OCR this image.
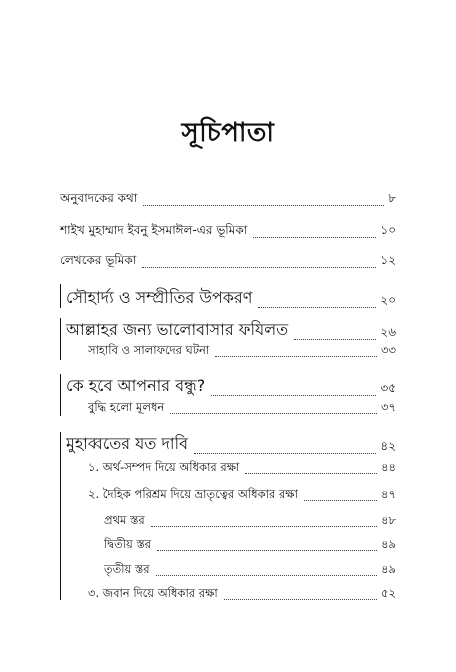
সূচিপাতা
অনুবাদকের কথা	৮
শাইখ মুহাম্মাদ ইবনু ইসমাঈল-এর ভূমিকা	১০
লেখকের ভূমিকা	১২
সৌহার্দ্য ও সম্প্রীতির উপকরণ	২০
আল্লাহর জন্য ভালোবাসার ফযিলত	২৬
সাহাবি ও সালাফদের ঘটনা	৩৩
কে হবে আপনার বন্ধু?	৩৫
বুদ্ধি হলো মূলধন	৩৭
মুহাব্বতের যত দাবি	৪২
১. অর্থ-সম্পদ দিয়ে অধিকার রক্ষা	৪৪
২. দৈহিক পরিশ্রম দিয়ে ভ্রাতৃত্বের অধিকার রক্ষা	৪৭
প্রথম স্তর	৪৮
দ্বিতীয় স্তর	৪৯
তৃতীয় স্তর	৪৯
৩. জবান দিয়ে অধিকার রক্ষা	৫২
